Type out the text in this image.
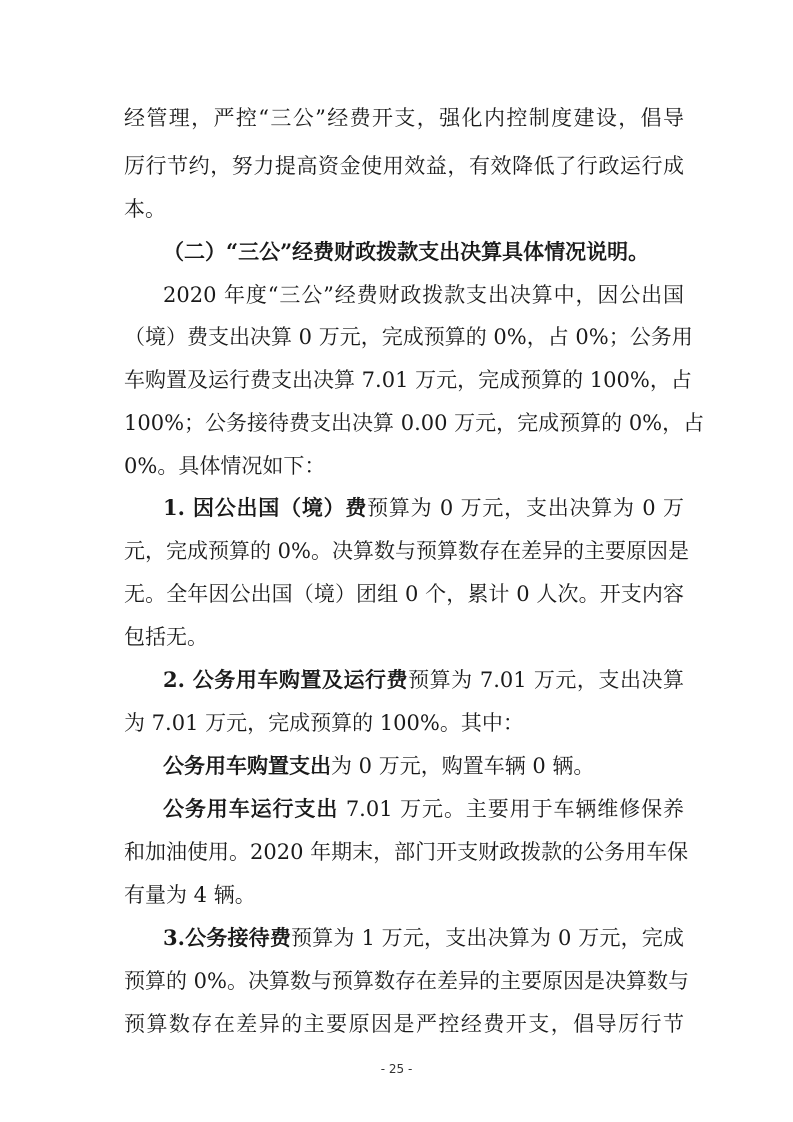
经管理，严控“三公”经费开支，强化内控制度建设，倡导
厉行节约，努力提高资金使用效益，有效降低了行政运行成
本。
（二）“三公”经费财政拨款支出决算具体情况说明。
2020 年度“三公”经费财政拨款支出决算中，因公出国
（境）费支出决算 0 万元，完成预算的 0%，占 0%；公务用
车购置及运行费支出决算 7.01 万元，完成预算的 100%，占
100%；公务接待费支出决算 0.00 万元，完成预算的 0%，占
0%。具体情况如下：
1. 因公出国（境）费预算为 0 万元，支出决算为 0 万
元，完成预算的 0%。决算数与预算数存在差异的主要原因是
无。全年因公出国（境）团组 0 个，累计 0 人次。开支内容
包括无。
2. 公务用车购置及运行费预算为 7.01 万元，支出决算
为 7.01 万元，完成预算的 100%。其中：
公务用车购置支出为 0 万元，购置车辆 0 辆。
公务用车运行支出 7.01 万元。主要用于车辆维修保养
和加油使用。2020 年期末，部门开支财政拨款的公务用车保
有量为 4 辆。
3.公务接待费预算为 1 万元，支出决算为 0 万元，完成
预算的 0%。决算数与预算数存在差异的主要原因是决算数与
预算数存在差异的主要原因是严控经费开支，倡导厉行节
- 25 -
